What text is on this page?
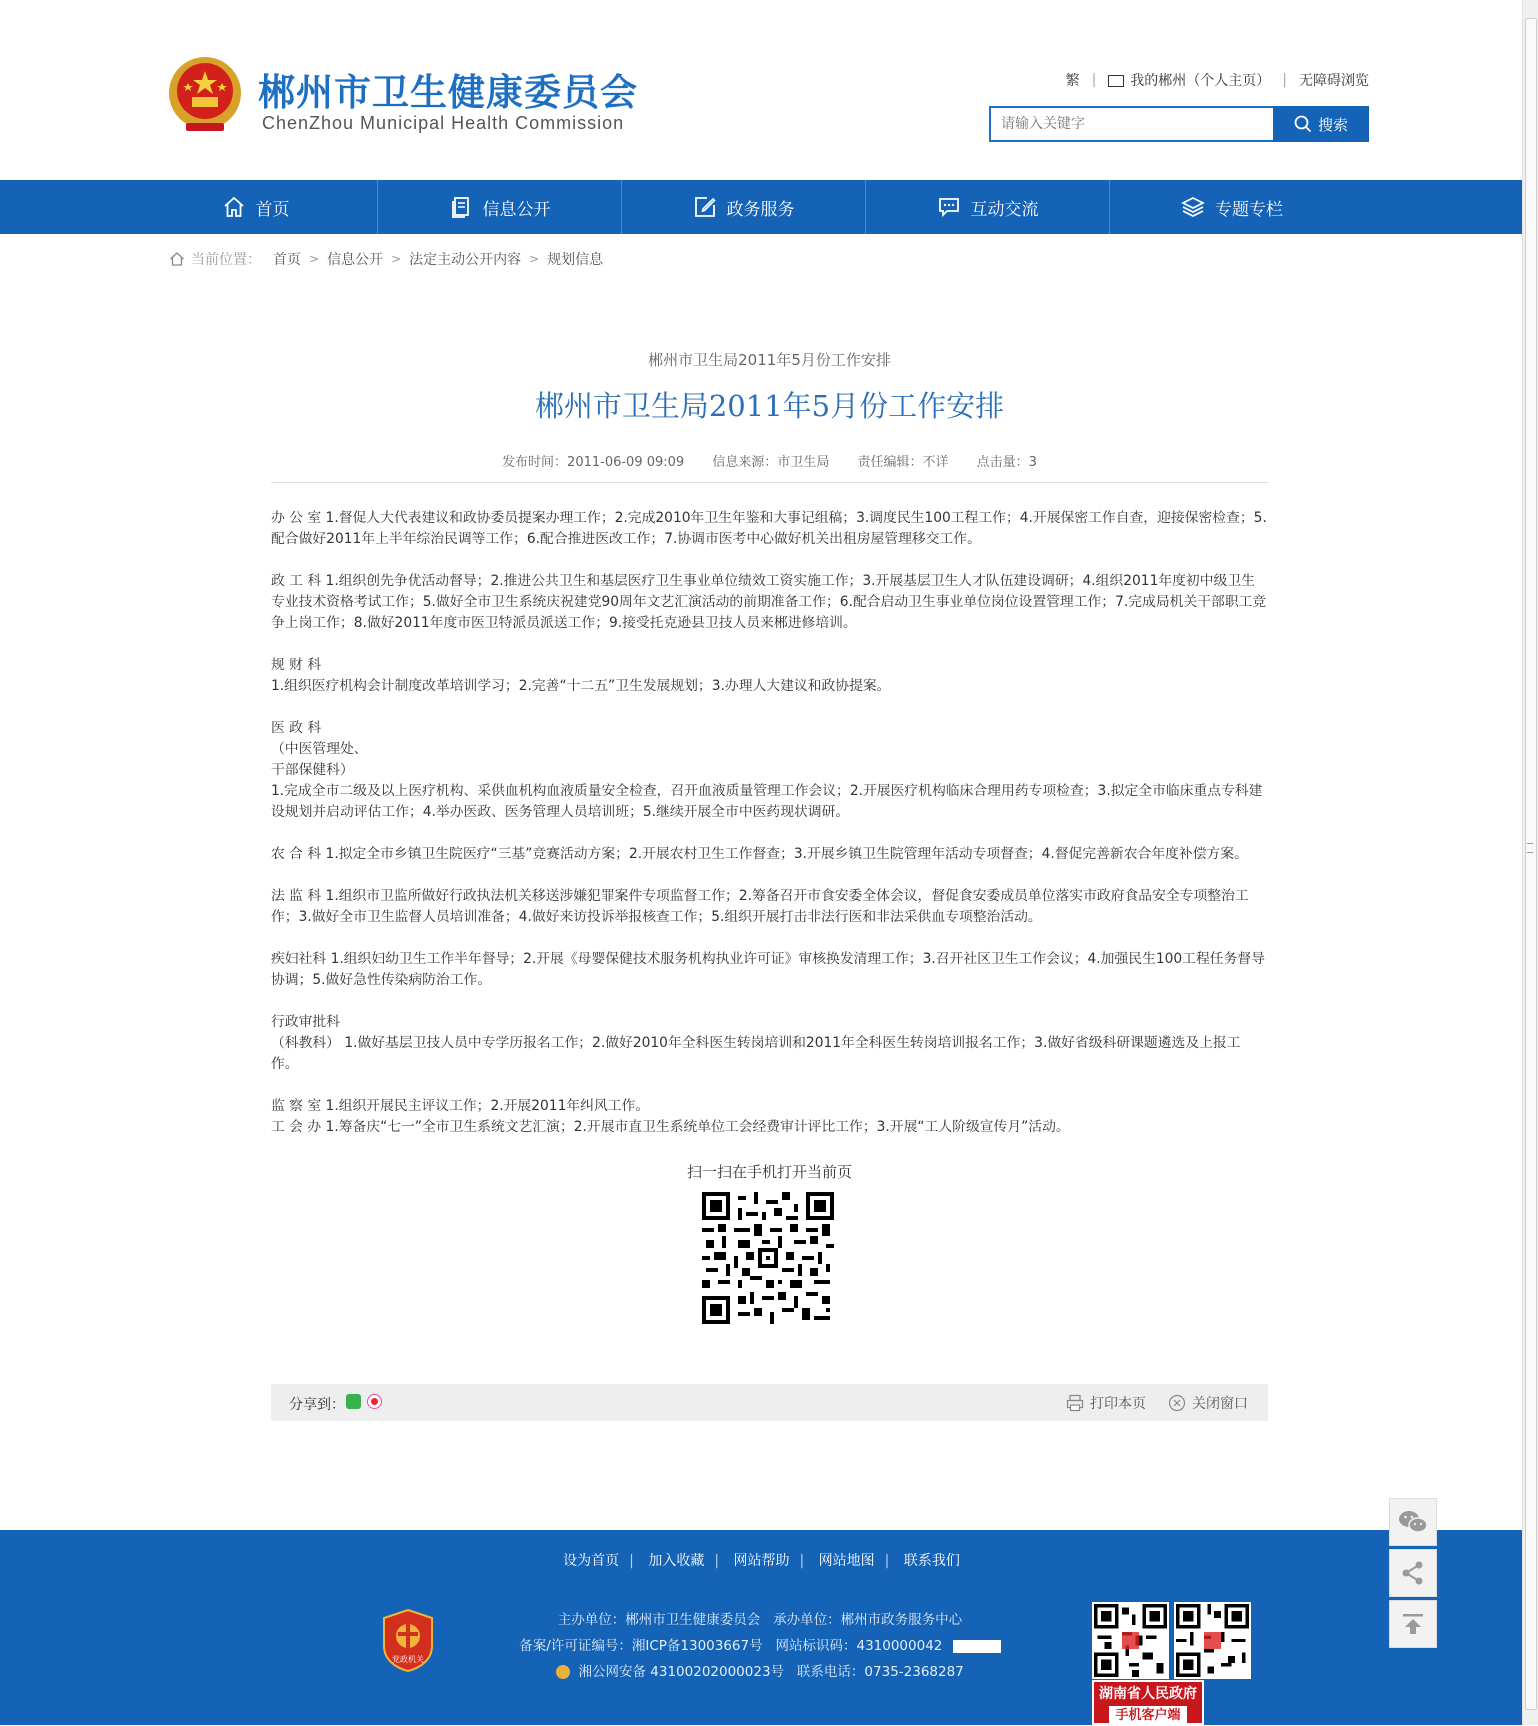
郴州市卫生健康委员会
ChenZhou Municipal Health Commission
繁 | 我的郴州（个人主页） | 无障碍浏览
请输入关键字
搜索
首页	信息公开	政务服务	互动交流	专题专栏
当前位置： 首页 > 信息公开 > 法定主动公开内容 > 规划信息
郴州市卫生局2011年5月份工作安排
郴州市卫生局2011年5月份工作安排
发布时间：2011-06-09 09:09 信息来源：市卫生局 责任编辑：不详 点击量：3

办 公 室 1.督促人大代表建议和政协委员提案办理工作；2.完成2010年卫生年鉴和大事记组稿；3.调度民生100工程工作；4.开展保密工作自查，迎接保密检查；5.配合做好2011年上半年综治民调等工作；6.配合推进医改工作；7.协调市医考中心做好机关出租房屋管理移交工作。

政 工 科 1.组织创先争优活动督导；2.推进公共卫生和基层医疗卫生事业单位绩效工资实施工作；3.开展基层卫生人才队伍建设调研；4.组织2011年度初中级卫生专业技术资格考试工作；5.做好全市卫生系统庆祝建党90周年文艺汇演活动的前期准备工作；6.配合启动卫生事业单位岗位设置管理工作；7.完成局机关干部职工竞争上岗工作；8.做好2011年度市医卫特派员派送工作；9.接受托克逊县卫技人员来郴进修培训。

规 财 科

1.组织医疗机构会计制度改革培训学习；2.完善“十二五”卫生发展规划；3.办理人大建议和政协提案。

医 政 科

（中医管理处、

干部保健科）

1.完成全市二级及以上医疗机构、采供血机构血液质量安全检查，召开血液质量管理工作会议；2.开展医疗机构临床合理用药专项检查；3.拟定全市临床重点专科建设规划并启动评估工作；4.举办医政、医务管理人员培训班；5.继续开展全市中医药现状调研。

农 合 科 1.拟定全市乡镇卫生院医疗“三基”竞赛活动方案；2.开展农村卫生工作督查；3.开展乡镇卫生院管理年活动专项督查；4.督促完善新农合年度补偿方案。

法 监 科 1.组织市卫监所做好行政执法机关移送涉嫌犯罪案件专项监督工作；2.筹备召开市食安委全体会议，督促食安委成员单位落实市政府食品安全专项整治工作；3.做好全市卫生监督人员培训准备；4.做好来访投诉举报核查工作；5.组织开展打击非法行医和非法采供血专项整治活动。

疾妇社科 1.组织妇幼卫生工作半年督导；2.开展《母婴保健技术服务机构执业许可证》审核换发清理工作；3.召开社区卫生工作会议；4.加强民生100工程任务督导协调；5.做好急性传染病防治工作。

行政审批科

（科教科） 1.做好基层卫技人员中专学历报名工作；2.做好2010年全科医生转岗培训和2011年全科医生转岗培训报名工作；3.做好省级科研课题遴选及上报工作。

监 察 室 1.组织开展民主评议工作；2.开展2011年纠风工作。

工 会 办 1.筹备庆“七一”全市卫生系统文艺汇演；2.开展市直卫生系统单位工会经费审计评比工作；3.开展“工人阶级宣传月”活动。

扫一扫在手机打开当前页
分享到：	打印本页	关闭窗口
设为首页 | 加入收藏 | 网站帮助 | 网站地图 | 联系我们
党政机关
主办单位：郴州市卫生健康委员会 承办单位：郴州市政务服务中心
备案/许可证编号：湘ICP备13003667号 网站标识码：4310000042
湘公网安备 43100202000023号 联系电话：0735-2368287
湖南省人民政府
手机客户端
